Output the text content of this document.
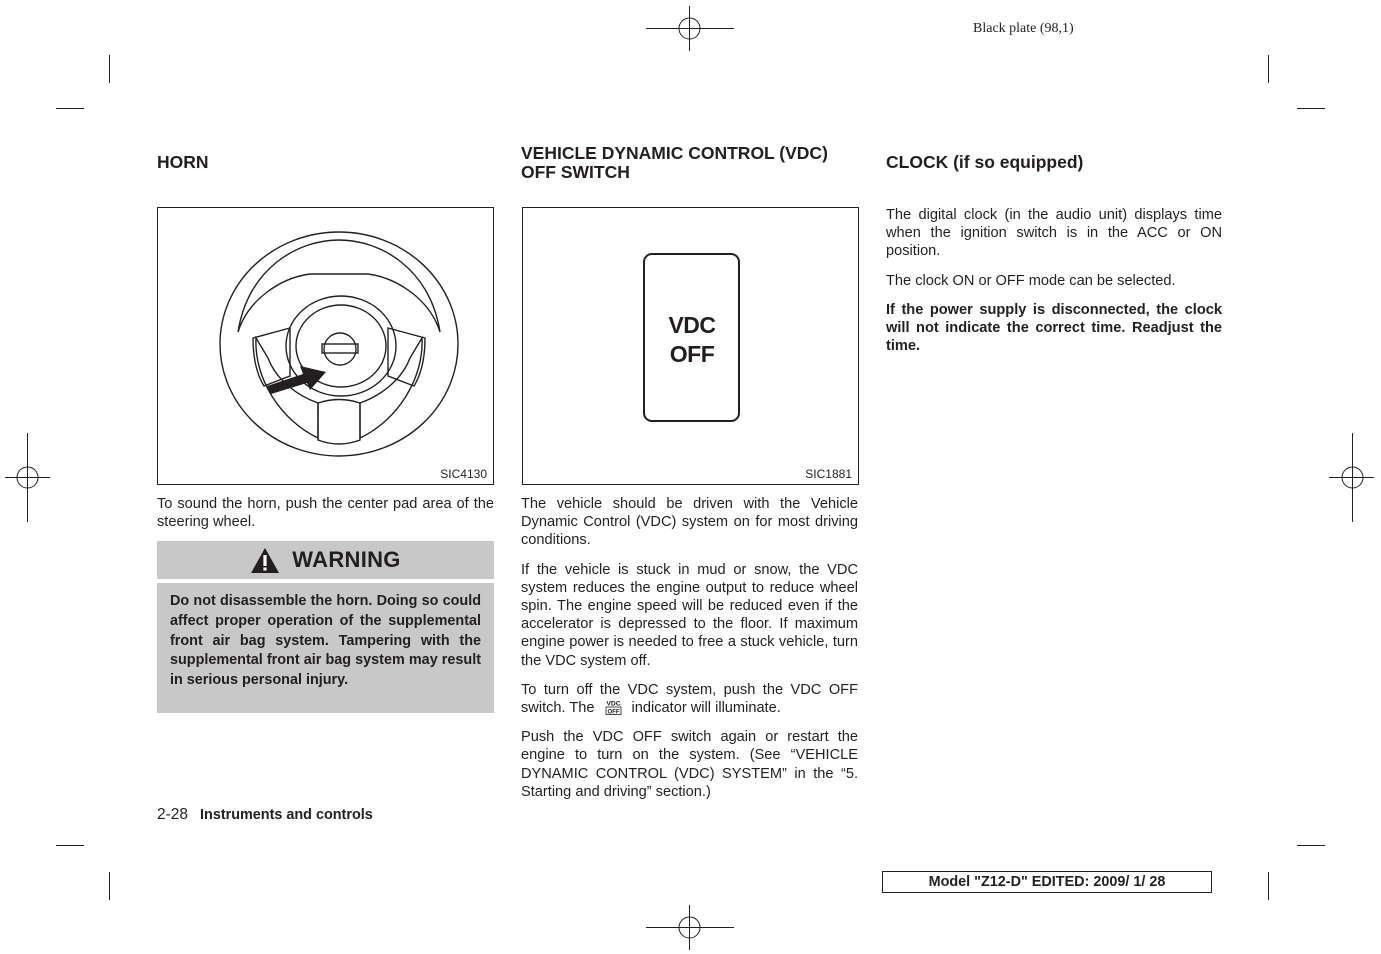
Black plate (98,1)
HORN
SIC4130

To sound the horn, push the center pad area of the steering wheel.

WARNING
Do not disassemble the horn. Doing so could affect proper operation of the supplemental front air bag system. Tampering with the supplemental front air bag system may result in serious personal injury.
VEHICLE DYNAMIC CONTROL (VDC)
OFF SWITCH
VDC
OFF
SIC1881

The vehicle should be driven with the Vehicle Dynamic Control (VDC) system on for most driving conditions.

If the vehicle is stuck in mud or snow, the VDC system reduces the engine output to reduce wheel spin. The engine speed will be reduced even if the accelerator is depressed to the floor. If maximum engine power is needed to free a stuck vehicle, turn the VDC system off.

To turn off the VDC system, push the VDC OFF switch. The VDC
OFF indicator will illuminate.

Push the VDC OFF switch again or restart the engine to turn on the system. (See “VEHICLE DYNAMIC CONTROL (VDC) SYSTEM” in the “5. Starting and driving” section.)

CLOCK (if so equipped)

The digital clock (in the audio unit) displays time when the ignition switch is in the ACC or ON position.

The clock ON or OFF mode can be selected.

If the power supply is disconnected, the clock will not indicate the correct time. Readjust the time.

2-28 Instruments and controls
Model "Z12-D" EDITED: 2009/ 1/ 28
